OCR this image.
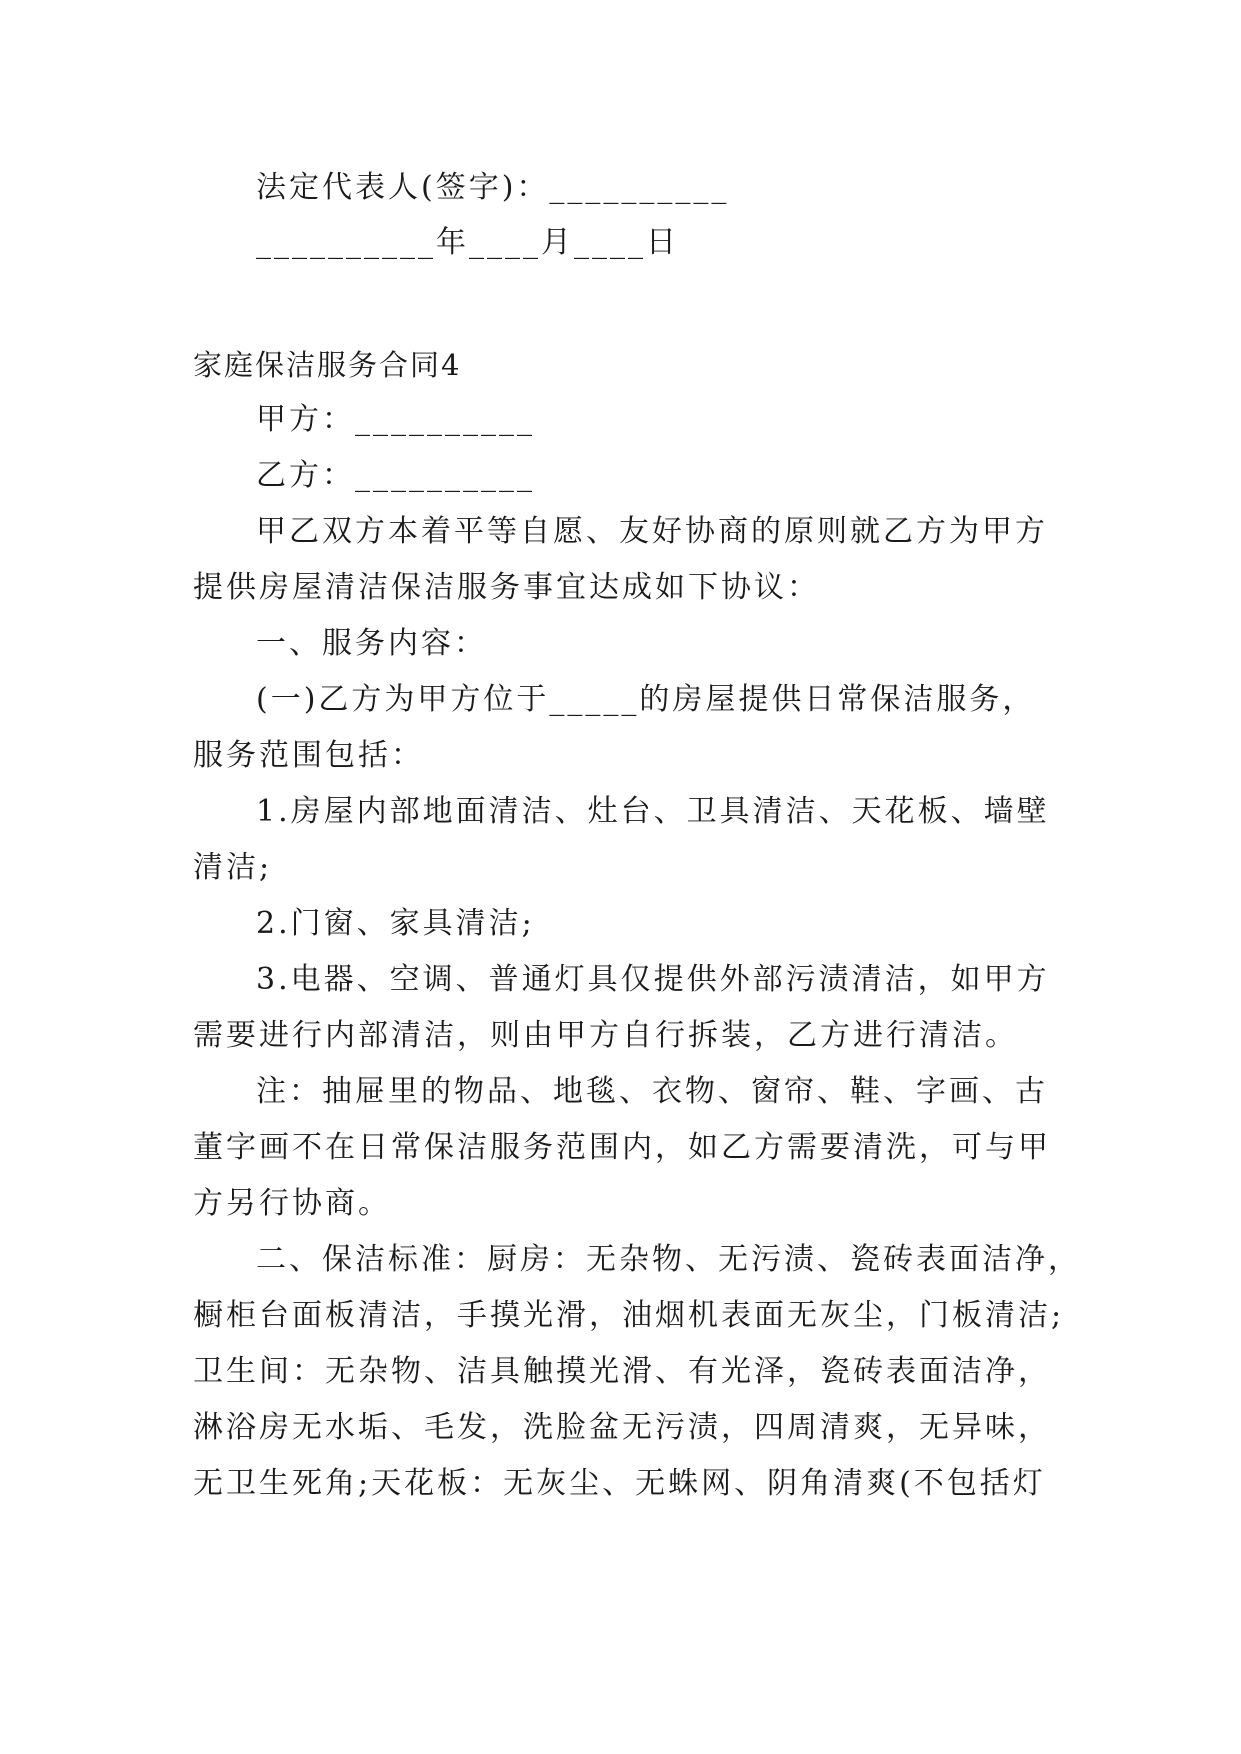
法定代表人(签字)：__________

__________年____月____日

家庭保洁服务合同4

甲方：__________

乙方：__________

甲乙双方本着平等自愿、友好协商的原则就乙方为甲方

提供房屋清洁保洁服务事宜达成如下协议：

一、服务内容：

(一)乙方为甲方位于_____的房屋提供日常保洁服务，

服务范围包括：

1.房屋内部地面清洁、灶台、卫具清洁、天花板、墙壁

清洁;

2.门窗、家具清洁;

3.电器、空调、普通灯具仅提供外部污渍清洁，如甲方

需要进行内部清洁，则由甲方自行拆装，乙方进行清洁。

注：抽屉里的物品、地毯、衣物、窗帘、鞋、字画、古

董字画不在日常保洁服务范围内，如乙方需要清洗，可与甲

方另行协商。

二、保洁标准：厨房：无杂物、无污渍、瓷砖表面洁净，

橱柜台面板清洁，手摸光滑，油烟机表面无灰尘，门板清洁;

卫生间：无杂物、洁具触摸光滑、有光泽，瓷砖表面洁净，

淋浴房无水垢、毛发，洗脸盆无污渍，四周清爽，无异味，

无卫生死角;天花板：无灰尘、无蛛网、阴角清爽(不包括灯
